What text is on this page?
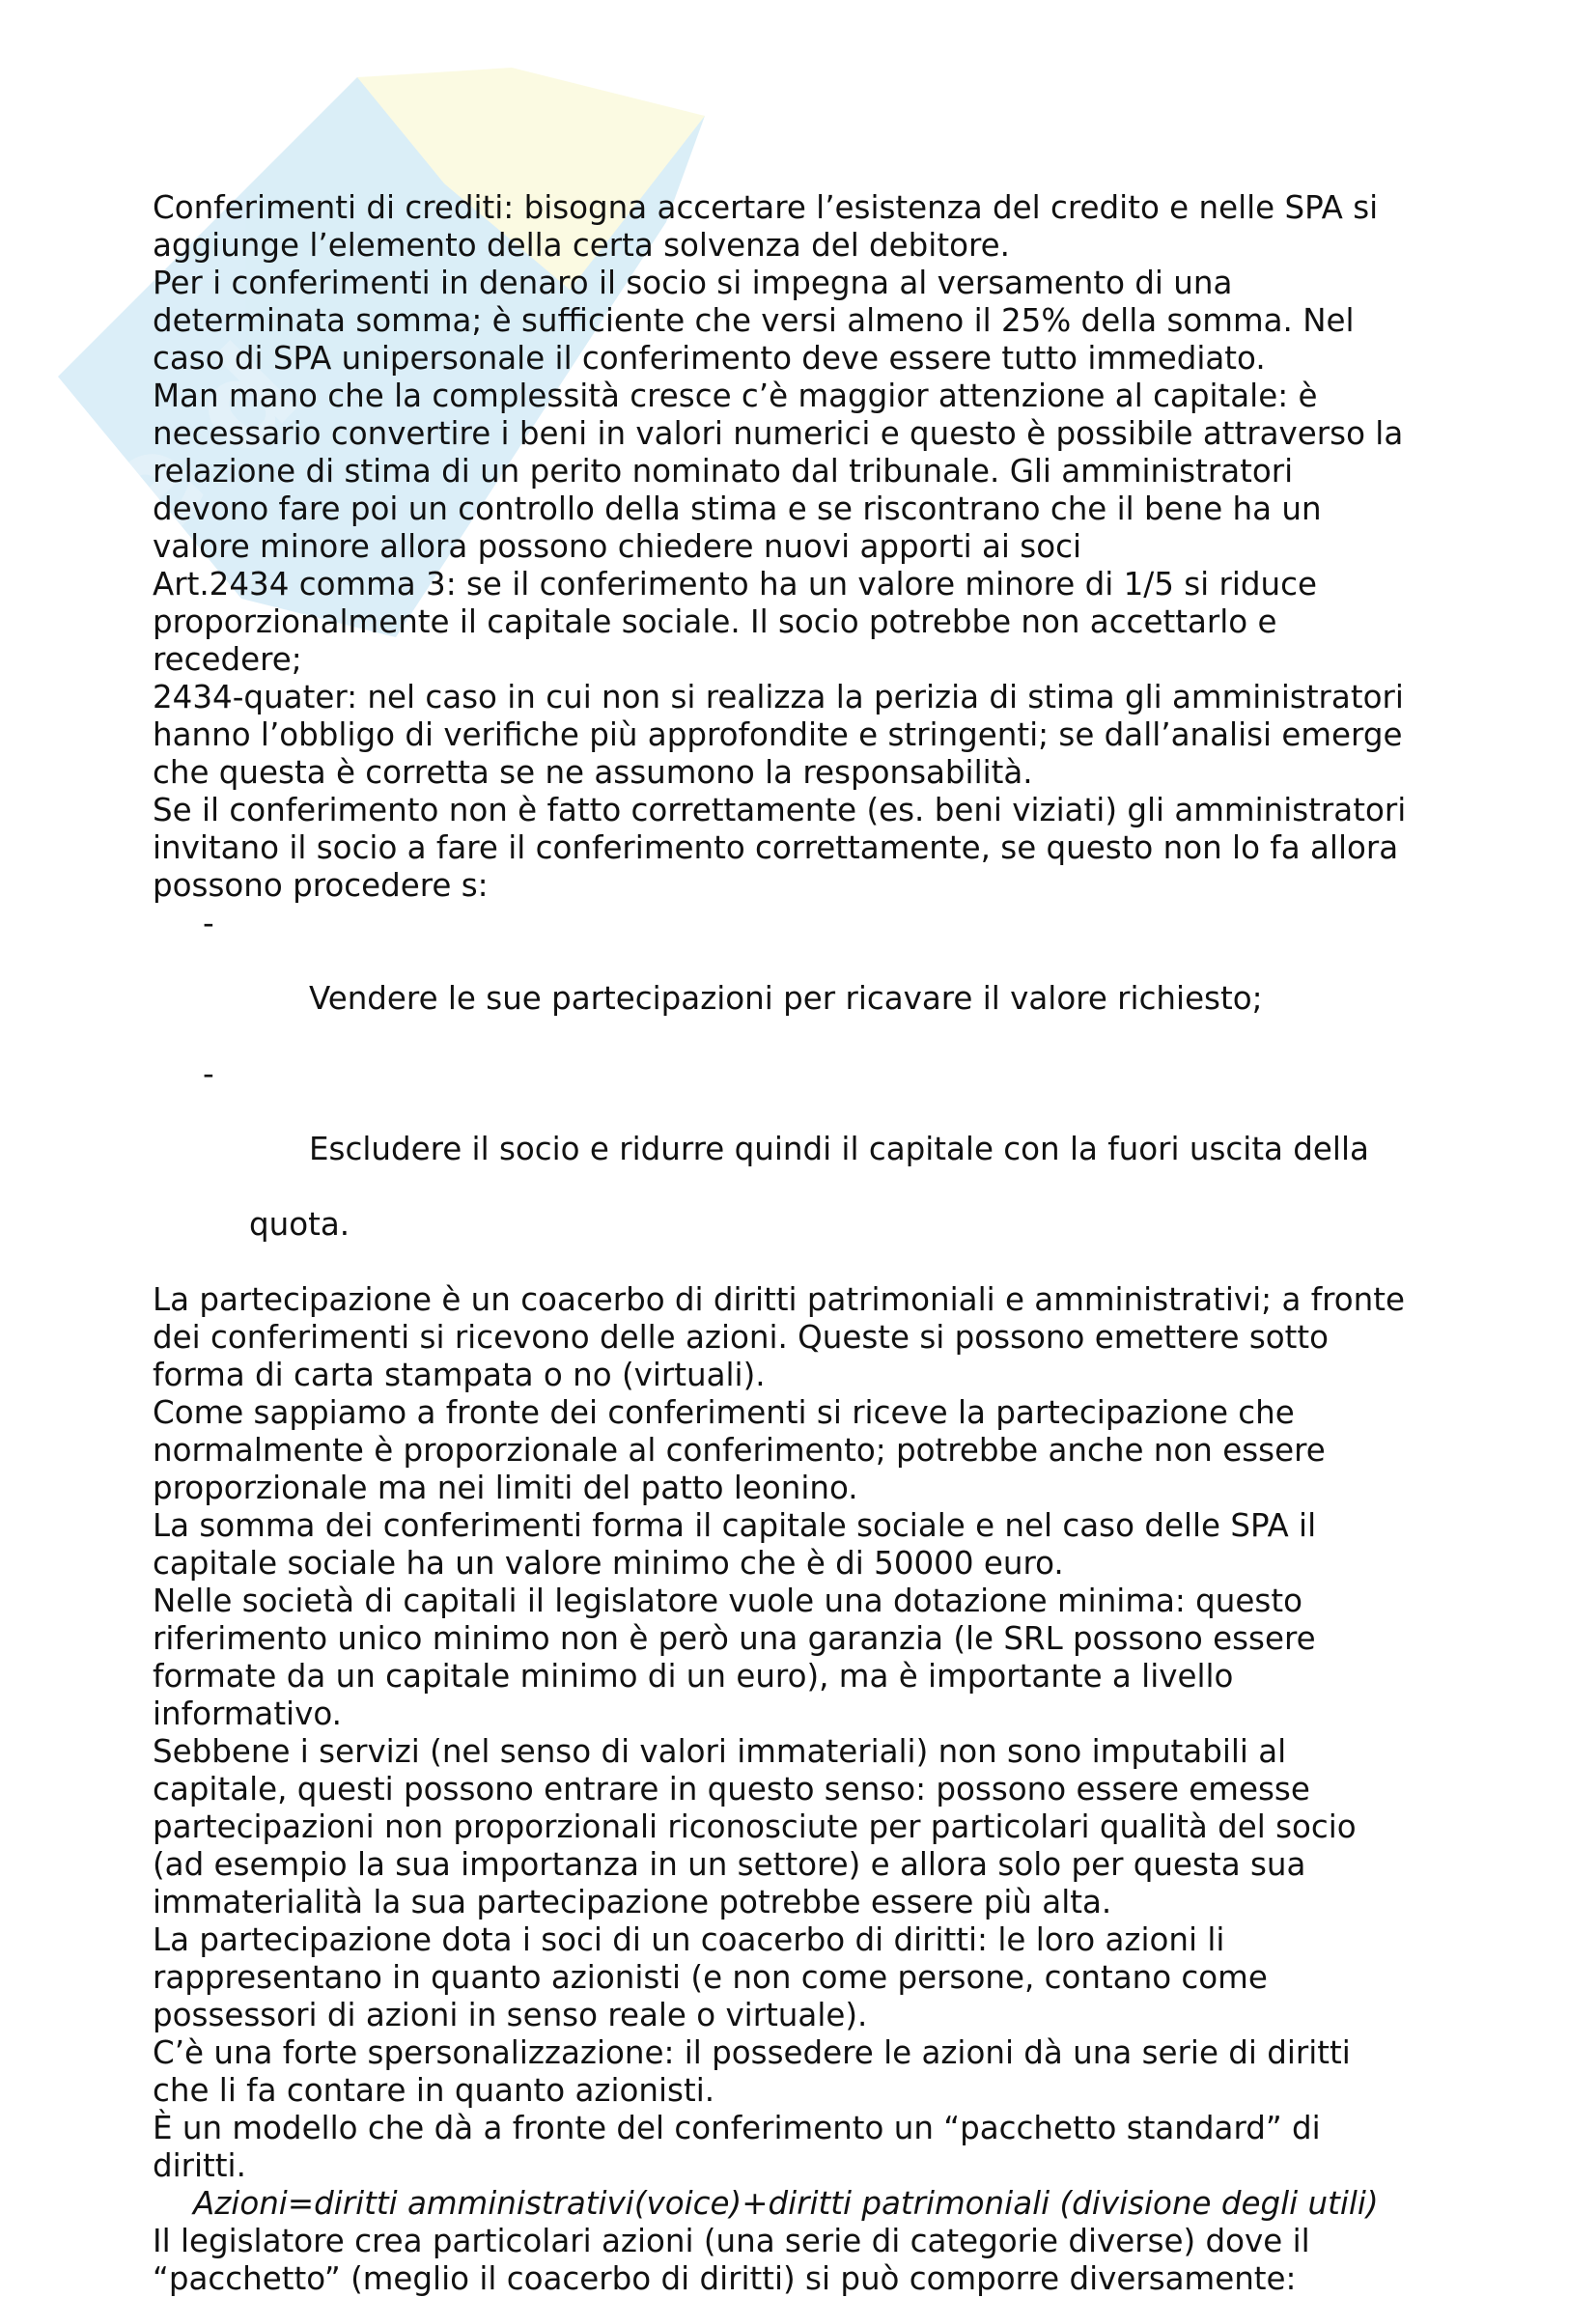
e
d
Conferimenti di crediti: bisogna accertare l’esistenza del credito e nelle SPA si
aggiunge l’elemento della certa solvenza del debitore.
Per i conferimenti in denaro il socio si impegna al versamento di una
determinata somma; è sufficiente che versi almeno il 25% della somma. Nel
caso di SPA unipersonale il conferimento deve essere tutto immediato.
Man mano che la complessità cresce c’è maggior attenzione al capitale: è
necessario convertire i beni in valori numerici e questo è possibile attraverso la
relazione di stima di un perito nominato dal tribunale. Gli amministratori
devono fare poi un controllo della stima e se riscontrano che il bene ha un
valore minore allora possono chiedere nuovi apporti ai soci
Art.2434 comma 3: se il conferimento ha un valore minore di 1/5 si riduce
proporzionalmente il capitale sociale. Il socio potrebbe non accettarlo e
recedere;
2434-quater: nel caso in cui non si realizza la perizia di stima gli amministratori
hanno l’obbligo di verifiche più approfondite e stringenti; se dall’analisi emerge
che questa è corretta se ne assumono la responsabilità.
Se il conferimento non è fatto correttamente (es. beni viziati) gli amministratori
invitano il socio a fare il conferimento correttamente, se questo non lo fa allora
possono procedere s:

-

Vendere le sue partecipazioni per ricavare il valore richiesto;

-

Escludere il socio e ridurre quindi il capitale con la fuori uscita della

quota.
La partecipazione è un coacerbo di diritti patrimoniali e amministrativi; a fronte
dei conferimenti si ricevono delle azioni. Queste si possono emettere sotto
forma di carta stampata o no (virtuali).
Come sappiamo a fronte dei conferimenti si riceve la partecipazione che
normalmente è proporzionale al conferimento; potrebbe anche non essere
proporzionale ma nei limiti del patto leonino.
La somma dei conferimenti forma il capitale sociale e nel caso delle SPA il
capitale sociale ha un valore minimo che è di 50000 euro.
Nelle società di capitali il legislatore vuole una dotazione minima: questo
riferimento unico minimo non è però una garanzia (le SRL possono essere
formate da un capitale minimo di un euro), ma è importante a livello
informativo.
Sebbene i servizi (nel senso di valori immateriali) non sono imputabili al
capitale, questi possono entrare in questo senso: possono essere emesse
partecipazioni non proporzionali riconosciute per particolari qualità del socio
(ad esempio la sua importanza in un settore) e allora solo per questa sua
immaterialità la sua partecipazione potrebbe essere più alta.
La partecipazione dota i soci di un coacerbo di diritti: le loro azioni li
rappresentano in quanto azionisti (e non come persone, contano come
possessori di azioni in senso reale o virtuale).
C’è una forte spersonalizzazione: il possedere le azioni dà una serie di diritti
che li fa contare in quanto azionisti.
È un modello che dà a fronte del conferimento un “pacchetto standard” di
diritti.
Azioni=diritti amministrativi(voice)+diritti patrimoniali (divisione degli utili)
Il legislatore crea particolari azioni (una serie di categorie diverse) dove il
“pacchetto” (meglio il coacerbo di diritti) si può comporre diversamente:
